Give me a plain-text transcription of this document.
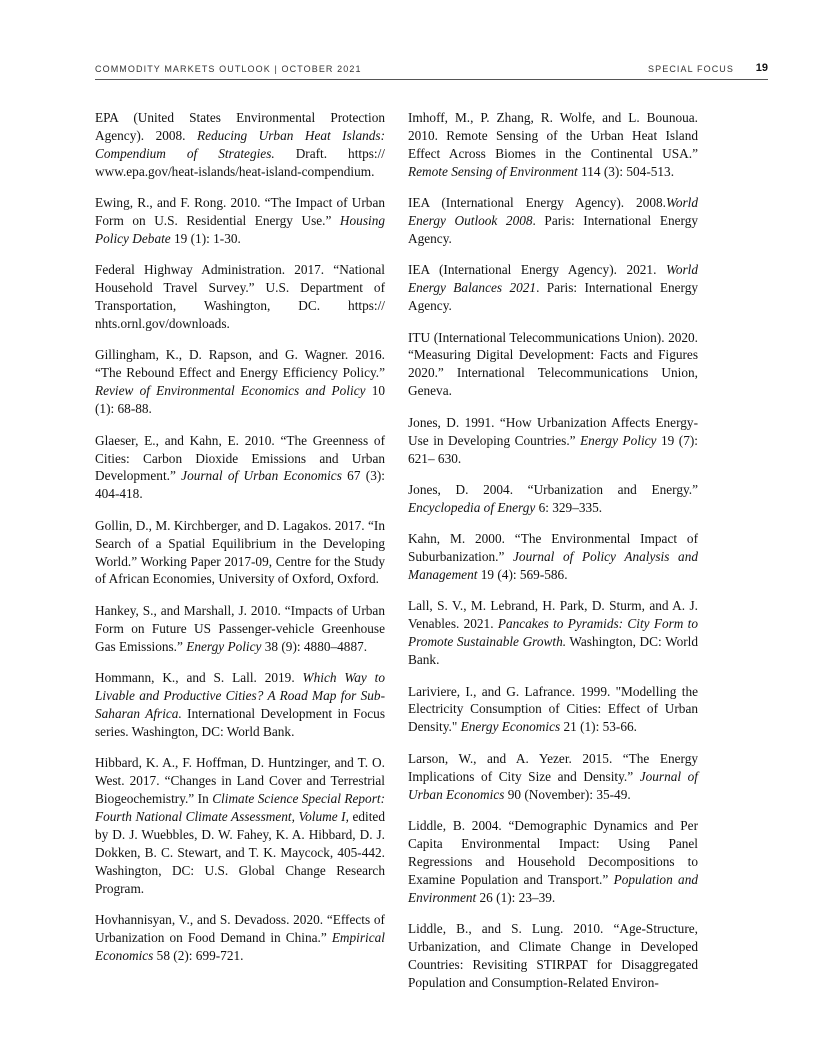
COMMODITY MARKETS OUTLOOK | OCTOBER 2021	SPECIAL FOCUS 19

EPA (United States Environmental Protection Agency). 2008. Reducing Urban Heat Islands: Compendium of Strategies. Draft. https:// www.epa.gov/heat-islands/heat-island-compendium.

Ewing, R., and F. Rong. 2010. “The Impact of Urban Form on U.S. Residential Energy Use.” Housing Policy Debate 19 (1): 1-30.

Federal Highway Administration. 2017. “National Household Travel Survey.” U.S. Department of Transportation, Washington, DC. https:// nhts.ornl.gov/downloads.

Gillingham, K., D. Rapson, and G. Wagner. 2016. “The Rebound Effect and Energy Efficiency Policy.” Review of Environmental Economics and Policy 10 (1): 68-88.

Glaeser, E., and Kahn, E. 2010. “The Greenness of Cities: Carbon Dioxide Emissions and Urban Development.” Journal of Urban Economics 67 (3): 404-418.

Gollin, D., M. Kirchberger, and D. Lagakos. 2017. “In Search of a Spatial Equilibrium in the Developing World.” Working Paper 2017-09, Centre for the Study of African Economies, University of Oxford, Oxford.

Hankey, S., and Marshall, J. 2010. “Impacts of Urban Form on Future US Passenger-vehicle Greenhouse Gas Emissions.” Energy Policy 38 (9): 4880–4887.

Hommann, K., and S. Lall. 2019. Which Way to Livable and Productive Cities? A Road Map for Sub-Saharan Africa. International Development in Focus series. Washington, DC: World Bank.

Hibbard, K. A., F. Hoffman, D. Huntzinger, and T. O. West. 2017. “Changes in Land Cover and Terrestrial Biogeochemistry.” In Climate Science Special Report: Fourth National Climate Assessment, Volume I, edited by D. J. Wuebbles, D. W. Fahey, K. A. Hibbard, D. J. Dokken, B. C. Stewart, and T. K. Maycock, 405-442. Washington, DC: U.S. Global Change Research Program.

Hovhannisyan, V., and S. Devadoss. 2020. “Effects of Urbanization on Food Demand in China.” Empirical Economics 58 (2): 699-721.

Imhoff, M., P. Zhang, R. Wolfe, and L. Bounoua. 2010. Remote Sensing of the Urban Heat Island Effect Across Biomes in the Continental USA.” Remote Sensing of Environment 114 (3): 504-513.

IEA (International Energy Agency). 2008.World Energy Outlook 2008. Paris: International Energy Agency.

IEA (International Energy Agency). 2021. World Energy Balances 2021. Paris: International Energy Agency.

ITU (International Telecommunications Union). 2020. “Measuring Digital Development: Facts and Figures 2020.” International Telecommunications Union, Geneva.

Jones, D. 1991. “How Urbanization Affects Energy-Use in Developing Countries.” Energy Policy 19 (7): 621– 630.

Jones, D. 2004. “Urbanization and Energy.” Encyclopedia of Energy 6: 329–335.

Kahn, M. 2000. “The Environmental Impact of Suburbanization.” Journal of Policy Analysis and Management 19 (4): 569-586.

Lall, S. V., M. Lebrand, H. Park, D. Sturm, and A. J. Venables. 2021. Pancakes to Pyramids: City Form to Promote Sustainable Growth. Washington, DC: World Bank.

Lariviere, I., and G. Lafrance. 1999. "Modelling the Electricity Consumption of Cities: Effect of Urban Density." Energy Economics 21 (1): 53-66.

Larson, W., and A. Yezer. 2015. “The Energy Implications of City Size and Density.” Journal of Urban Economics 90 (November): 35-49.

Liddle, B. 2004. “Demographic Dynamics and Per Capita Environmental Impact: Using Panel Regressions and Household Decompositions to Examine Population and Transport.” Population and Environment 26 (1): 23–39.

Liddle, B., and S. Lung. 2010. “Age-Structure, Urbanization, and Climate Change in Developed Countries: Revisiting STIRPAT for Disaggregated Population and Consumption-Related Environ-
